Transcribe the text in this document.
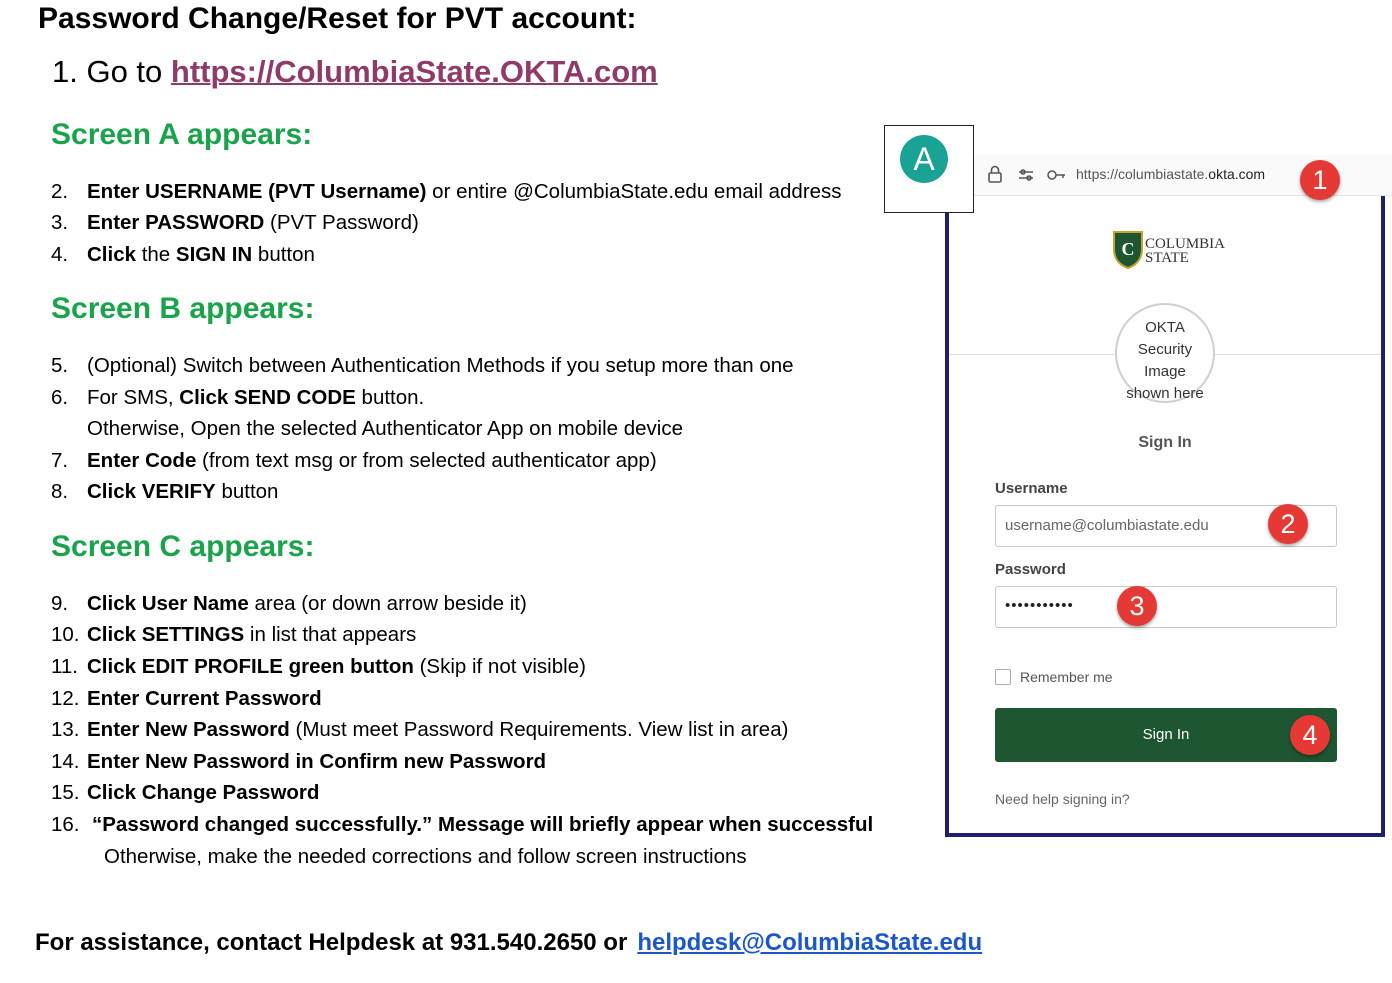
Password Change/Reset for PVT account:
1. Go to https://ColumbiaState.OKTA.com
Screen A appears:
2. Enter USERNAME (PVT Username) or entire @ColumbiaState.edu email address
3. Enter PASSWORD (PVT Password)
4. Click the SIGN IN button
Screen B appears:
5. (Optional) Switch between Authentication Methods if you setup more than one
6. For SMS, Click SEND CODE button.
Otherwise, Open the selected Authenticator App on mobile device
7. Enter Code (from text msg or from selected authenticator app)
8. Click VERIFY button
Screen C appears:
9. Click User Name area (or down arrow beside it)
10. Click SETTINGS in list that appears
11. Click EDIT PROFILE green button (Skip if not visible)
12. Enter Current Password
13. Enter New Password (Must meet Password Requirements. View list in area)
14. Enter New Password in Confirm new Password
15. Click Change Password
16. “Password changed successfully.” Message will briefly appear when successful
Otherwise, make the needed corrections and follow screen instructions
For assistance, contact Helpdesk at 931.540.2650 or helpdesk@ColumbiaState.edu
https://columbiastate.okta.com	1
A
C COLUMBIA
STATE
OKTA
Security Image
shown here
Sign In
Username
username@columbiastate.edu	2
Password
•••••••••••	3
Remember me
Sign In	4
Need help signing in?
